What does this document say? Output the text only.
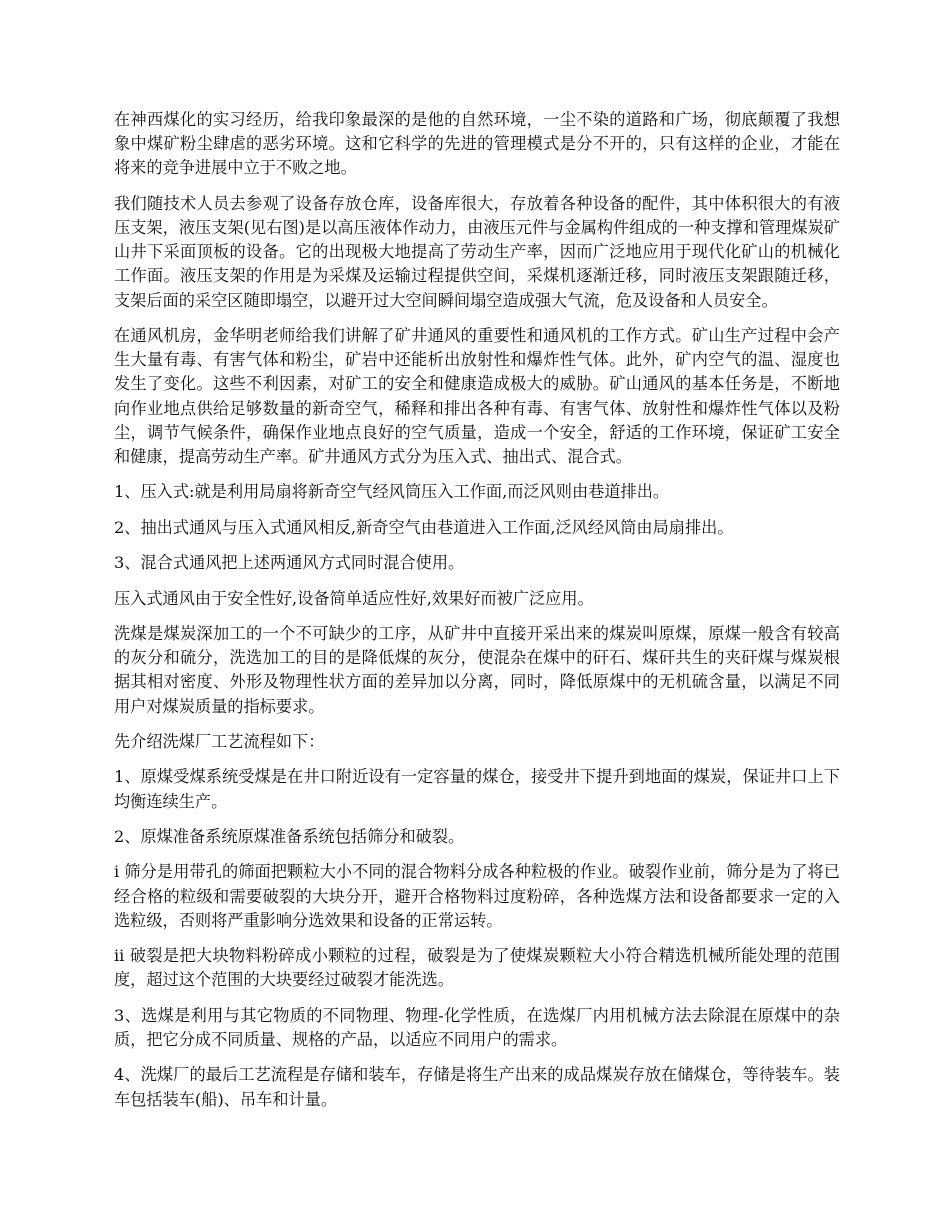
在神西煤化的实习经历，给我印象最深的是他的自然环境，一尘不染的道路和广场，彻底颠覆了我想象中煤矿粉尘肆虐的恶劣环境。这和它科学的先进的管理模式是分不开的，只有这样的企业，才能在将来的竞争进展中立于不败之地。

我们随技术人员去参观了设备存放仓库，设备库很大，存放着各种设备的配件，其中体积很大的有液压支架，液压支架(见右图)是以高压液体作动力，由液压元件与金属构件组成的一种支撑和管理煤炭矿山井下采面顶板的设备。它的出现极大地提高了劳动生产率，因而广泛地应用于现代化矿山的机械化工作面。液压支架的作用是为采煤及运输过程提供空间，采煤机逐渐迁移，同时液压支架跟随迁移，支架后面的采空区随即塌空，以避开过大空间瞬间塌空造成强大气流，危及设备和人员安全。

在通风机房，金华明老师给我们讲解了矿井通风的重要性和通风机的工作方式。矿山生产过程中会产生大量有毒、有害气体和粉尘，矿岩中还能析出放射性和爆炸性气体。此外，矿内空气的温、湿度也发生了变化。这些不利因素，对矿工的安全和健康造成极大的威胁。矿山通风的基本任务是，不断地向作业地点供给足够数量的新奇空气，稀释和排出各种有毒、有害气体、放射性和爆炸性气体以及粉尘，调节气候条件，确保作业地点良好的空气质量，造成一个安全，舒适的工作环境，保证矿工安全和健康，提高劳动生产率。矿井通风方式分为压入式、抽出式、混合式。

1、压入式:就是利用局扇将新奇空气经风筒压入工作面,而泛风则由巷道排出。

2、抽出式通风与压入式通风相反,新奇空气由巷道进入工作面,泛风经风筒由局扇排出。

3、混合式通风把上述两通风方式同时混合使用。

压入式通风由于安全性好,设备简单适应性好,效果好而被广泛应用。

洗煤是煤炭深加工的一个不可缺少的工序，从矿井中直接开采出来的煤炭叫原煤，原煤一般含有较高的灰分和硫分，洗选加工的目的是降低煤的灰分，使混杂在煤中的矸石、煤矸共生的夹矸煤与煤炭根据其相对密度、外形及物理性状方面的差异加以分离，同时，降低原煤中的无机硫含量，以满足不同用户对煤炭质量的指标要求。

先介绍洗煤厂工艺流程如下：

1、原煤受煤系统受煤是在井口附近设有一定容量的煤仓，接受井下提升到地面的煤炭，保证井口上下均衡连续生产。

2、原煤准备系统原煤准备系统包括筛分和破裂。

i 筛分是用带孔的筛面把颗粒大小不同的混合物料分成各种粒极的作业。破裂作业前，筛分是为了将已经合格的粒级和需要破裂的大块分开，避开合格物料过度粉碎，各种选煤方法和设备都要求一定的入选粒级，否则将严重影响分选效果和设备的正常运转。

ii 破裂是把大块物料粉碎成小颗粒的过程，破裂是为了使煤炭颗粒大小符合精选机械所能处理的范围度，超过这个范围的大块要经过破裂才能洗选。

3、选煤是利用与其它物质的不同物理、物理-化学性质，在选煤厂内用机械方法去除混在原煤中的杂质，把它分成不同质量、规格的产品，以适应不同用户的需求。

4、洗煤厂的最后工艺流程是存储和装车，存储是将生产出来的成品煤炭存放在储煤仓，等待装车。装车包括装车(船)、吊车和计量。
